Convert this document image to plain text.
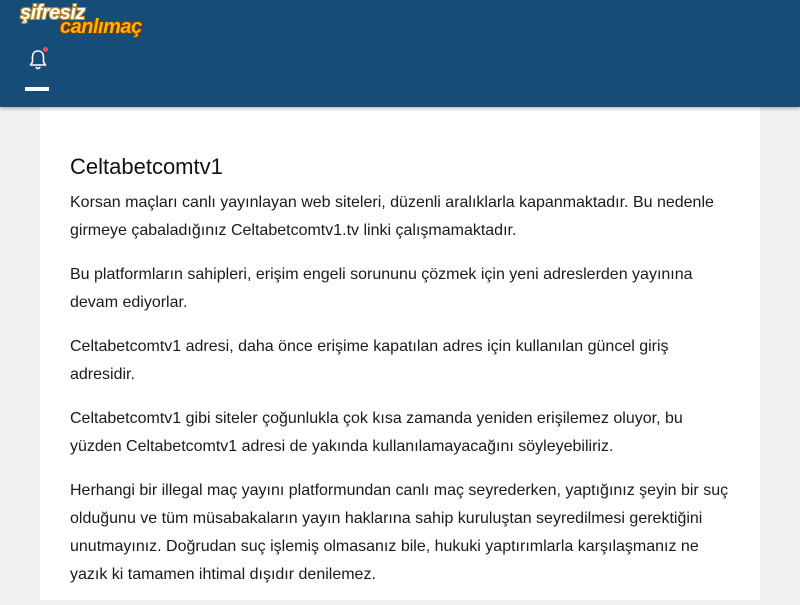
şifresiz
canlımaç
Celtabetcomtv1

Korsan maçları canlı yayınlayan web siteleri, düzenli aralıklarla kapanmaktadır. Bu nedenle girmeye çabaladığınız Celtabetcomtv1.tv linki çalışmamaktadır.

Bu platformların sahipleri, erişim engeli sorununu çözmek için yeni adreslerden yayınına devam ediyorlar.

Celtabetcomtv1 adresi, daha önce erişime kapatılan adres için kullanılan güncel giriş adresidir.

Celtabetcomtv1 gibi siteler çoğunlukla çok kısa zamanda yeniden erişilemez oluyor, bu yüzden Celtabetcomtv1 adresi de yakında kullanılamayacağını söyleyebiliriz.

Herhangi bir illegal maç yayını platformundan canlı maç seyrederken, yaptığınız şeyin bir suç olduğunu ve tüm müsabakaların yayın haklarına sahip kuruluştan seyredilmesi gerektiğini unutmayınız. Doğrudan suç işlemiş olmasanız bile, hukuki yaptırımlarla karşılaşmanız ne yazık ki tamamen ihtimal dışıdır denilemez.
